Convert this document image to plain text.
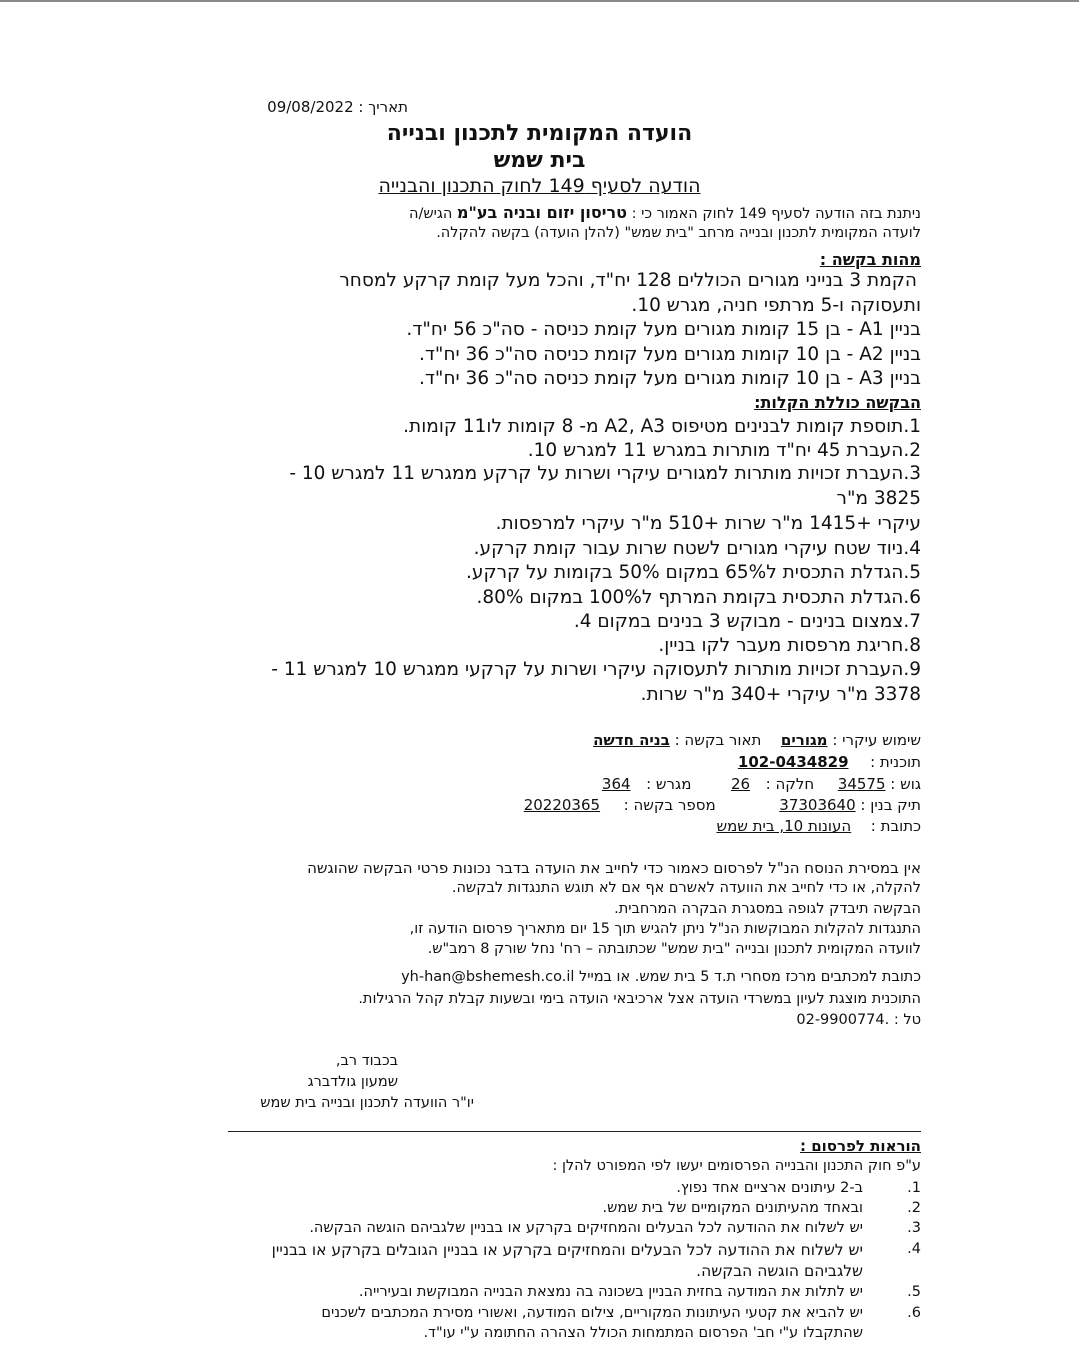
תאריך : 09/08/2022
הועדה המקומית לתכנון ובנייה
בית שמש
הודעה לסעיף 149 לחוק התכנון והבנייה
ניתנת בזה הודעה לסעיף 149 לחוק האמור כי : טריסון יזום ובניה בע"מ הגיש/ה
לועדה המקומית לתכנון ובנייה מרחב "בית שמש" (להלן הועדה) בקשה להקלה.
מהות בקשה :
הקמת 3 בנייני מגורים הכוללים 128 יח"ד, והכל מעל קומת קרקע למסחר
ותעסוקה ו-5 מרתפי חניה, מגרש 10.
בניין A1 - בן 15 קומות מגורים מעל קומת כניסה - סה"כ 56 יח"ד.
בניין A2 - בן 10 קומות מגורים מעל קומת כניסה סה"כ 36 יח"ד.
בניין A3 - בן 10 קומות מגורים מעל קומת כניסה סה"כ 36 יח"ד.
הבקשה כוללת הקלות:
1.תוספת קומות לבנינים מטיפוס A2, A3 מ- 8 קומות לו11 קומות.
2.העברת 45 יח"ד מותרות במגרש 11 למגרש 10.
3.העברת זכויות מותרות למגורים עיקרי ושרות על קרקע ממגרש 11 למגרש 10 -
3825 מ"ר
עיקרי +1415 מ"ר שרות +510 מ"ר עיקרי למרפסות.
4.ניוד שטח עיקרי מגורים לשטח שרות עבור קומת קרקע.
5.הגדלת התכסית ל65% במקום 50% בקומות על קרקע.
6.הגדלת התכסית בקומת המרתף ל100% במקום 80%.
7.צמצום בנינים - מבוקש 3 בנינים במקום 4.
8.חריגת מרפסות מעבר לקו בניין.
9.העברת זכויות מותרות לתעסוקה עיקרי ושרות על קרקעי ממגרש 10 למגרש 11 -
3378 מ"ר עיקרי +340 מ"ר שרות.
שימוש עיקרי : מגורים  תאור בקשה : בניה חדשה
תוכנית :  102-0434829
גוש : 34575  חלקה :  26  מגרש :  364
תיק בנין : 37303640  מספר בקשה :  20220365
כתובת :  העונות 10, בית שמש
אין במסירת הנוסח הנ"ל לפרסום כאמור כדי לחייב את הועדה בדבר נכונות פרטי הבקשה שהוגשה
להקלה, או כדי לחייב את הוועדה לאשרם אף אם לא תוגש התנגדות לבקשה.
הבקשה תיבדק לגופה במסגרת הבקרה המרחבית.
התנגדות להקלות המבוקשות הנ"ל ניתן להגיש תוך 15 יום מתאריך פרסום הודעה זו,
לוועדה המקומית לתכנון ובנייה "בית שמש" שכתובתה – רח' נחל שורק 8 רמב"ש.
כתובת למכתבים מרכז מסחרי ת.ד 5 בית שמש. או במייל yh-han@bshemesh.co.il
התוכנית מוצגת לעיון במשרדי הועדה אצל ארכיבאי הועדה בימי ובשעות קבלת קהל הרגילות.
טל : 02-9900774.
בכבוד רב,
שמעון גולדברג
יו"ר הוועדה לתכנון ובנייה בית שמש
הוראות לפרסום :
ע"פ חוק התכנון והבנייה הפרסומים יעשו לפי המפורט להלן :
1.
ב-2 עיתונים ארציים אחד נפוץ.
2.
ובאחד מהעיתונים המקומיים של בית שמש.
3.
יש לשלוח את ההודעה לכל הבעלים והמחזיקים בקרקע או בבניין שלגביהם הוגשה הבקשה.
4.
יש לשלוח את ההודעה לכל הבעלים והמחזיקים בקרקע או בבניין הגובלים בקרקע או בבניין
שלגביהם הוגשה הבקשה.
5.
יש לתלות את המודעה בחזית הבניין בשכונה בה נמצאת הבנייה המבוקשת ובעירייה.
6.
יש להביא את קטעי העיתונות המקוריים, צילום המודעה, ואשורי מסירת המכתבים לשכנים
שהתקבלו ע"י חב' הפרסום המתמחות הכולל הצהרה החתומה ע"י עו"ד.
